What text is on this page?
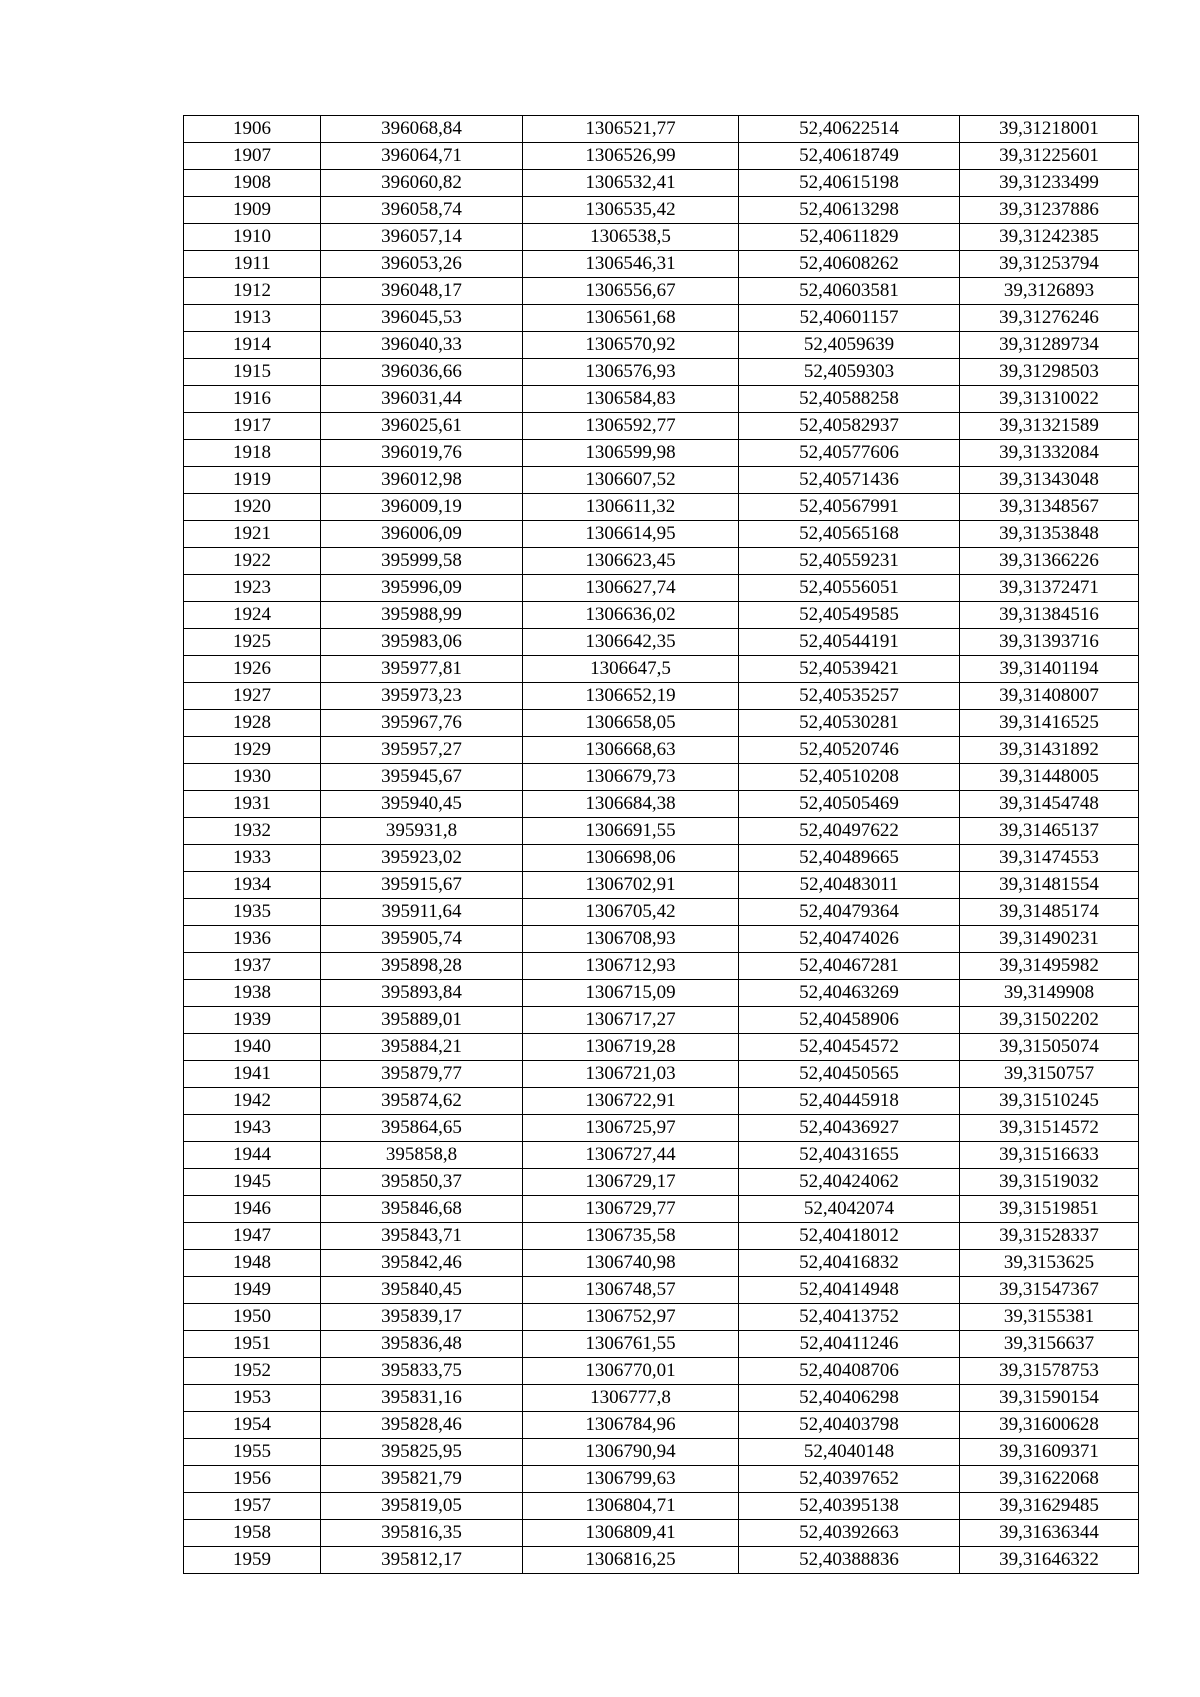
1906	396068,84	1306521,77	52,40622514	39,31218001
1907	396064,71	1306526,99	52,40618749	39,31225601
1908	396060,82	1306532,41	52,40615198	39,31233499
1909	396058,74	1306535,42	52,40613298	39,31237886
1910	396057,14	1306538,5	52,40611829	39,31242385
1911	396053,26	1306546,31	52,40608262	39,31253794
1912	396048,17	1306556,67	52,40603581	39,3126893
1913	396045,53	1306561,68	52,40601157	39,31276246
1914	396040,33	1306570,92	52,4059639	39,31289734
1915	396036,66	1306576,93	52,4059303	39,31298503
1916	396031,44	1306584,83	52,40588258	39,31310022
1917	396025,61	1306592,77	52,40582937	39,31321589
1918	396019,76	1306599,98	52,40577606	39,31332084
1919	396012,98	1306607,52	52,40571436	39,31343048
1920	396009,19	1306611,32	52,40567991	39,31348567
1921	396006,09	1306614,95	52,40565168	39,31353848
1922	395999,58	1306623,45	52,40559231	39,31366226
1923	395996,09	1306627,74	52,40556051	39,31372471
1924	395988,99	1306636,02	52,40549585	39,31384516
1925	395983,06	1306642,35	52,40544191	39,31393716
1926	395977,81	1306647,5	52,40539421	39,31401194
1927	395973,23	1306652,19	52,40535257	39,31408007
1928	395967,76	1306658,05	52,40530281	39,31416525
1929	395957,27	1306668,63	52,40520746	39,31431892
1930	395945,67	1306679,73	52,40510208	39,31448005
1931	395940,45	1306684,38	52,40505469	39,31454748
1932	395931,8	1306691,55	52,40497622	39,31465137
1933	395923,02	1306698,06	52,40489665	39,31474553
1934	395915,67	1306702,91	52,40483011	39,31481554
1935	395911,64	1306705,42	52,40479364	39,31485174
1936	395905,74	1306708,93	52,40474026	39,31490231
1937	395898,28	1306712,93	52,40467281	39,31495982
1938	395893,84	1306715,09	52,40463269	39,3149908
1939	395889,01	1306717,27	52,40458906	39,31502202
1940	395884,21	1306719,28	52,40454572	39,31505074
1941	395879,77	1306721,03	52,40450565	39,3150757
1942	395874,62	1306722,91	52,40445918	39,31510245
1943	395864,65	1306725,97	52,40436927	39,31514572
1944	395858,8	1306727,44	52,40431655	39,31516633
1945	395850,37	1306729,17	52,40424062	39,31519032
1946	395846,68	1306729,77	52,4042074	39,31519851
1947	395843,71	1306735,58	52,40418012	39,31528337
1948	395842,46	1306740,98	52,40416832	39,3153625
1949	395840,45	1306748,57	52,40414948	39,31547367
1950	395839,17	1306752,97	52,40413752	39,3155381
1951	395836,48	1306761,55	52,40411246	39,3156637
1952	395833,75	1306770,01	52,40408706	39,31578753
1953	395831,16	1306777,8	52,40406298	39,31590154
1954	395828,46	1306784,96	52,40403798	39,31600628
1955	395825,95	1306790,94	52,4040148	39,31609371
1956	395821,79	1306799,63	52,40397652	39,31622068
1957	395819,05	1306804,71	52,40395138	39,31629485
1958	395816,35	1306809,41	52,40392663	39,31636344
1959	395812,17	1306816,25	52,40388836	39,31646322
